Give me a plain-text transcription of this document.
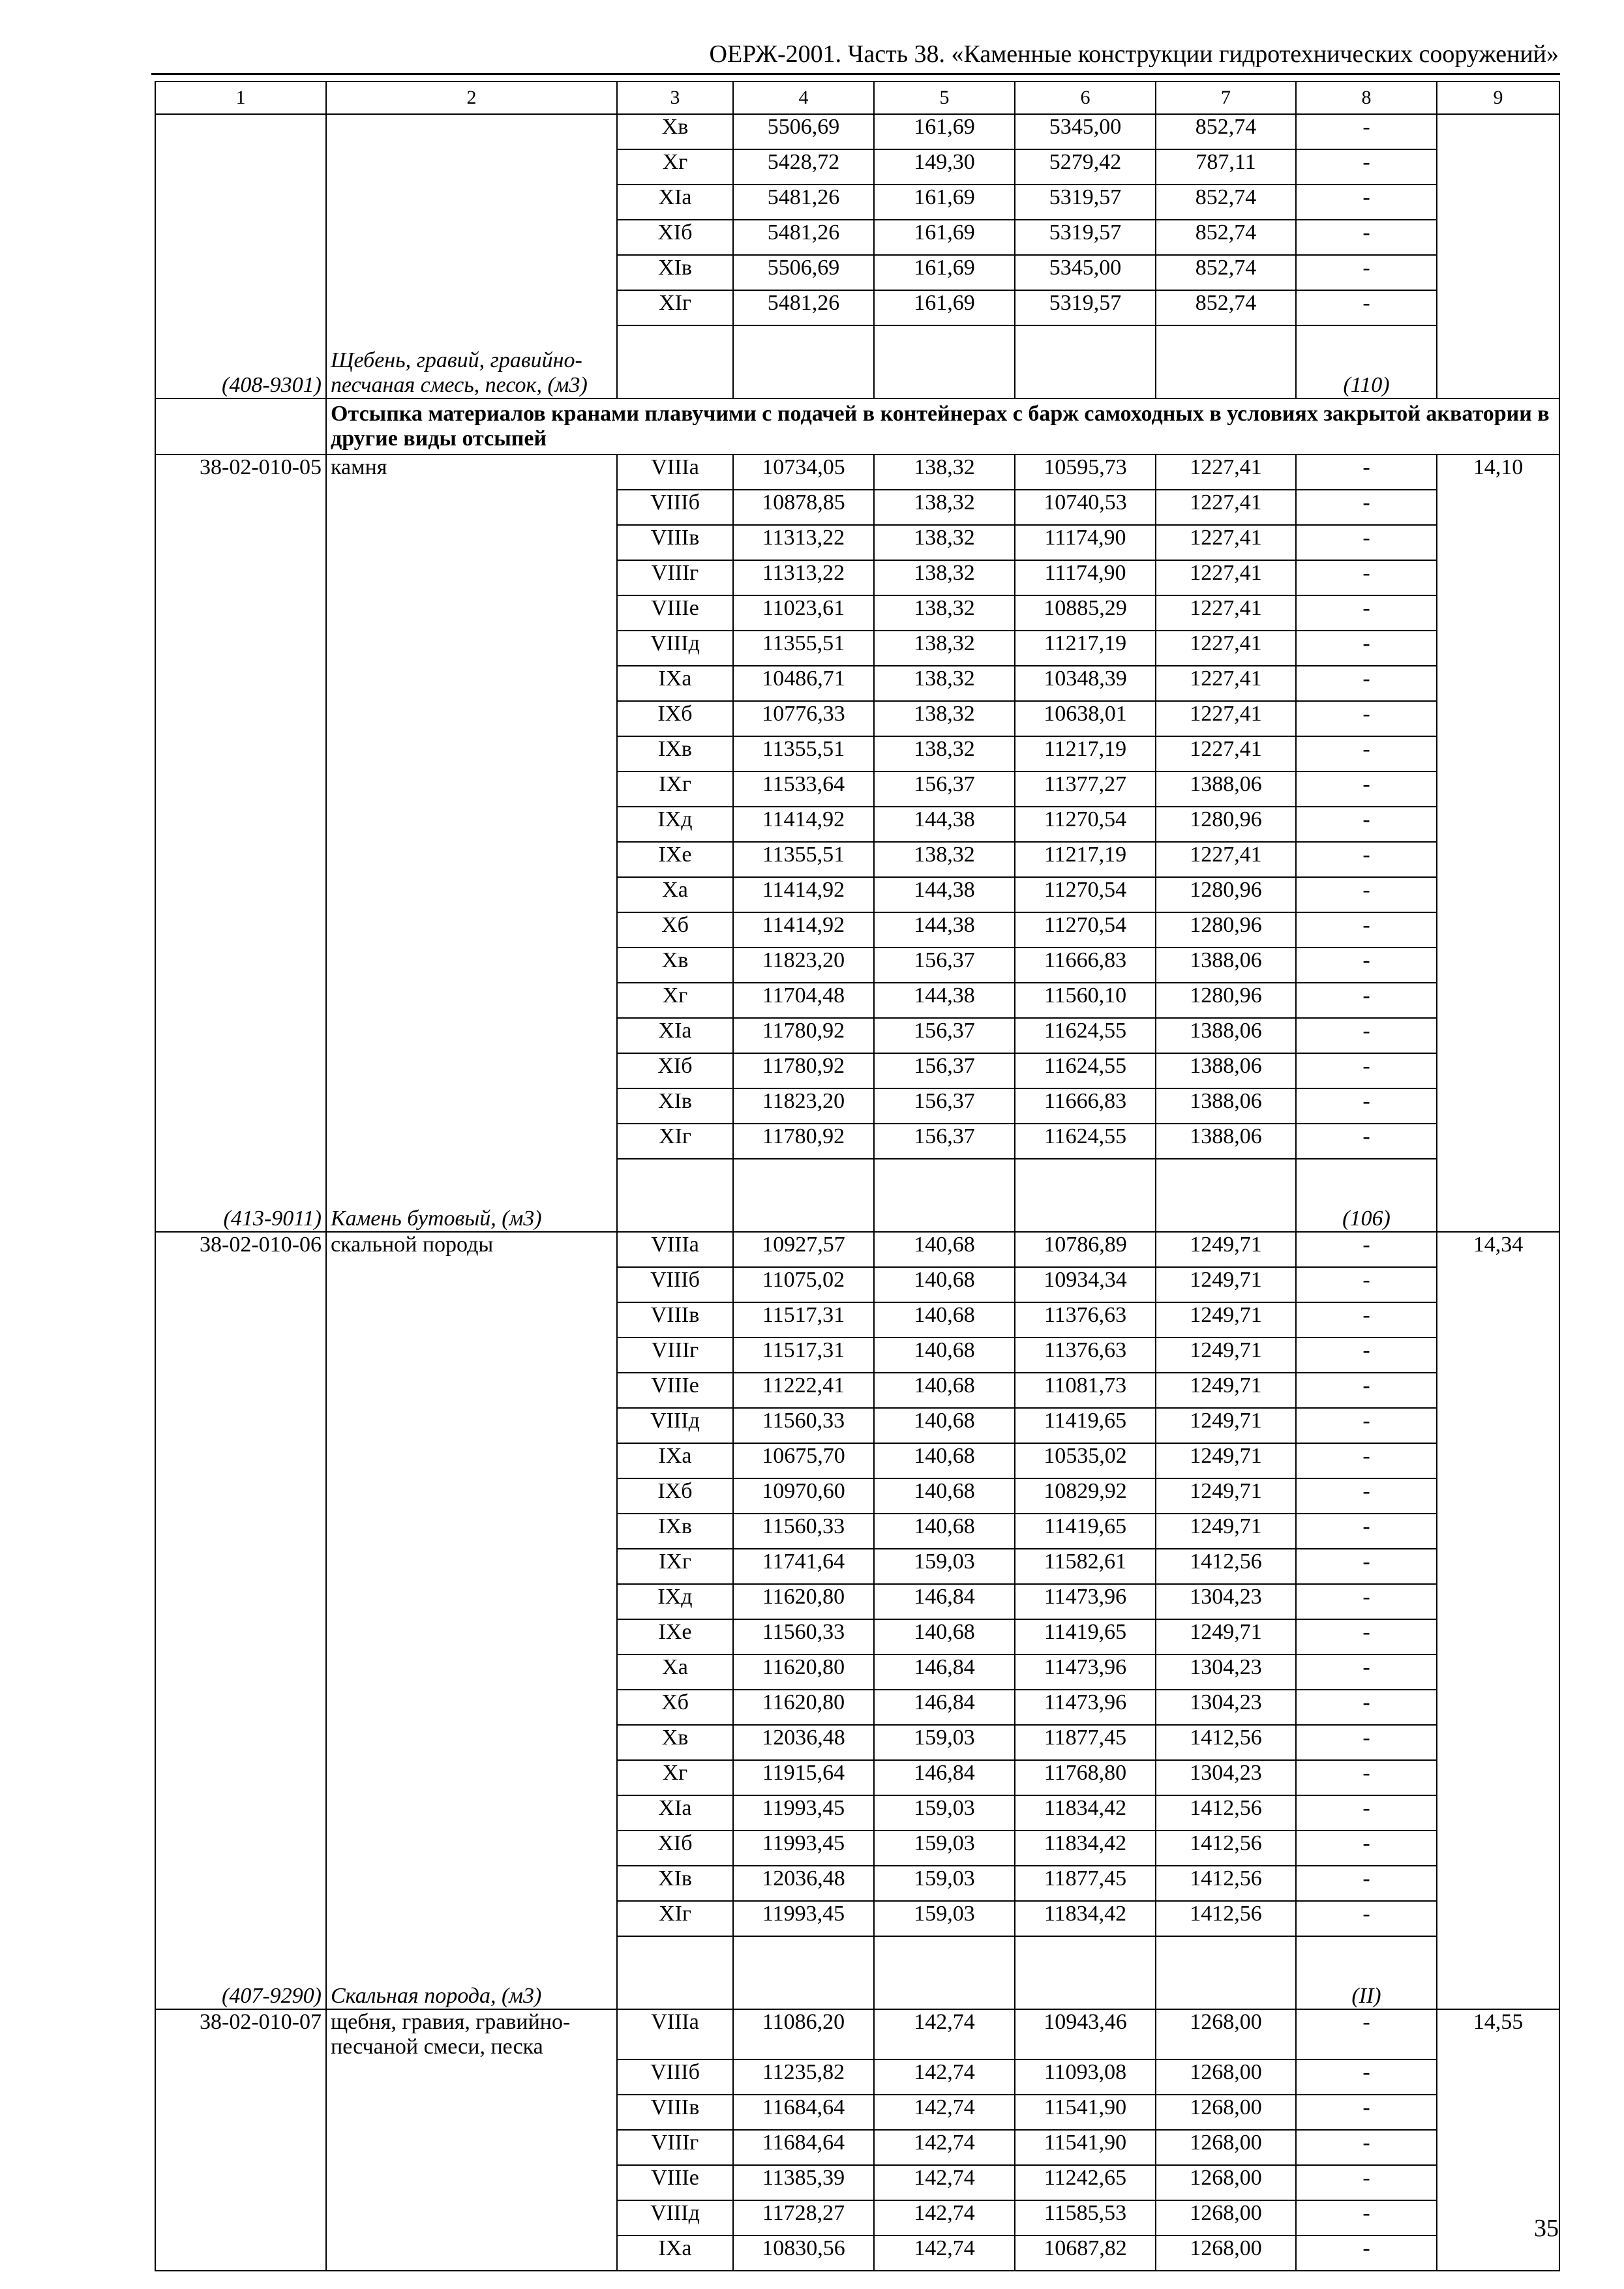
ОЕРЖ-2001. Часть 38. «Каменные конструкции гидротехнических сооружений»
1	2	3	4	5	6	7	8	9
		Хв	5506,69	161,69	5345,00	852,74	-	
		Хг	5428,72	149,30	5279,42	787,11	-	
		ХIа	5481,26	161,69	5319,57	852,74	-	
		ХIб	5481,26	161,69	5319,57	852,74	-	
		ХIв	5506,69	161,69	5345,00	852,74	-	
		ХIг	5481,26	161,69	5319,57	852,74	-	
(408-9301)	Щебень, гравий, гравийно-песчаная смесь, песок, (м3)						(110)	
	Отсыпка материалов кранами плавучими с подачей в контейнерах с барж самоходных в условиях закрытой акватории в другие виды отсыпей							
38-02-010-05	камня	VIIIа	10734,05	138,32	10595,73	1227,41	-	14,10
		VIIIб	10878,85	138,32	10740,53	1227,41	-	
		VIIIв	11313,22	138,32	11174,90	1227,41	-	
		VIIIг	11313,22	138,32	11174,90	1227,41	-	
		VIIIе	11023,61	138,32	10885,29	1227,41	-	
		VIIIд	11355,51	138,32	11217,19	1227,41	-	
		IХа	10486,71	138,32	10348,39	1227,41	-	
		IХб	10776,33	138,32	10638,01	1227,41	-	
		IХв	11355,51	138,32	11217,19	1227,41	-	
		IХг	11533,64	156,37	11377,27	1388,06	-	
		IХд	11414,92	144,38	11270,54	1280,96	-	
		IХе	11355,51	138,32	11217,19	1227,41	-	
		Ха	11414,92	144,38	11270,54	1280,96	-	
		Хб	11414,92	144,38	11270,54	1280,96	-	
		Хв	11823,20	156,37	11666,83	1388,06	-	
		Хг	11704,48	144,38	11560,10	1280,96	-	
		ХIа	11780,92	156,37	11624,55	1388,06	-	
		ХIб	11780,92	156,37	11624,55	1388,06	-	
		ХIв	11823,20	156,37	11666,83	1388,06	-	
		ХIг	11780,92	156,37	11624,55	1388,06	-	
(413-9011)	Камень бутовый, (м3)						(106)	
38-02-010-06	скальной породы	VIIIа	10927,57	140,68	10786,89	1249,71	-	14,34
		VIIIб	11075,02	140,68	10934,34	1249,71	-	
		VIIIв	11517,31	140,68	11376,63	1249,71	-	
		VIIIг	11517,31	140,68	11376,63	1249,71	-	
		VIIIе	11222,41	140,68	11081,73	1249,71	-	
		VIIIд	11560,33	140,68	11419,65	1249,71	-	
		IХа	10675,70	140,68	10535,02	1249,71	-	
		IХб	10970,60	140,68	10829,92	1249,71	-	
		IХв	11560,33	140,68	11419,65	1249,71	-	
		IХг	11741,64	159,03	11582,61	1412,56	-	
		IХд	11620,80	146,84	11473,96	1304,23	-	
		IХе	11560,33	140,68	11419,65	1249,71	-	
		Ха	11620,80	146,84	11473,96	1304,23	-	
		Хб	11620,80	146,84	11473,96	1304,23	-	
		Хв	12036,48	159,03	11877,45	1412,56	-	
		Хг	11915,64	146,84	11768,80	1304,23	-	
		ХIа	11993,45	159,03	11834,42	1412,56	-	
		ХIб	11993,45	159,03	11834,42	1412,56	-	
		ХIв	12036,48	159,03	11877,45	1412,56	-	
		ХIг	11993,45	159,03	11834,42	1412,56	-	
(407-9290)	Скальная порода, (м3)						(II)	
38-02-010-07	щебня, гравия, гравийно-песчаной смеси, песка	VIIIа	11086,20	142,74	10943,46	1268,00	-	14,55
		VIIIб	11235,82	142,74	11093,08	1268,00	-	
		VIIIв	11684,64	142,74	11541,90	1268,00	-	
		VIIIг	11684,64	142,74	11541,90	1268,00	-	
		VIIIе	11385,39	142,74	11242,65	1268,00	-	
		VIIIд	11728,27	142,74	11585,53	1268,00	-	
		IХа	10830,56	142,74	10687,82	1268,00	-	
35
